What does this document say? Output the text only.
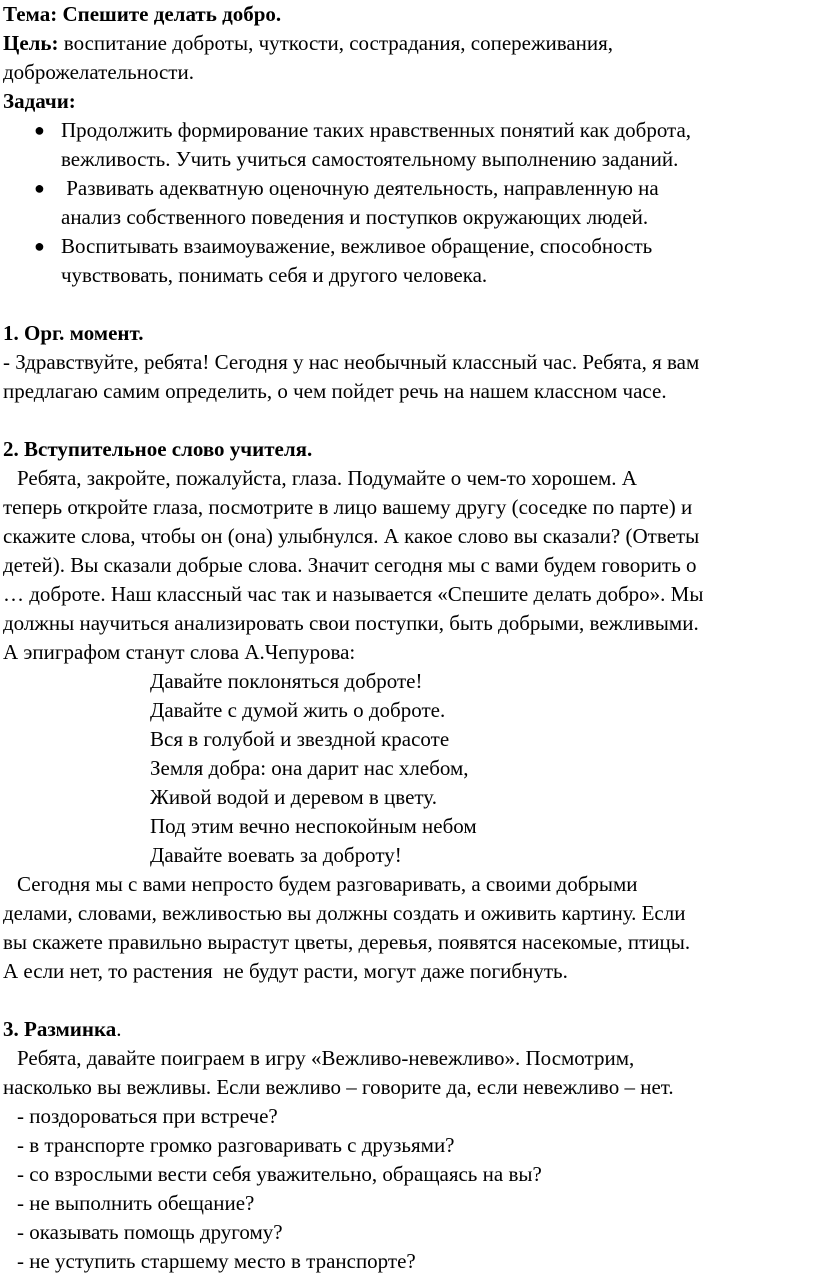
Тема: Спешите делать добро.
Цель: воспитание доброты, чуткости, сострадания, сопереживания,
доброжелательности.
Задачи:
● Продолжить формирование таких нравственных понятий как доброта,
вежливость. Учить учиться самостоятельному выполнению заданий.
● Развивать адекватную оценочную деятельность, направленную на
анализ собственного поведения и поступков окружающих людей.
● Воспитывать взаимоуважение, вежливое обращение, способность
чувствовать, понимать себя и другого человека.
1. Орг. момент.
- Здравствуйте, ребята! Сегодня у нас необычный классный час. Ребята, я вам
предлагаю самим определить, о чем пойдет речь на нашем классном часе.
2. Вступительное слово учителя.
Ребята, закройте, пожалуйста, глаза. Подумайте о чем-то хорошем. А
теперь откройте глаза, посмотрите в лицо вашему другу (соседке по парте) и
скажите слова, чтобы он (она) улыбнулся. А какое слово вы сказали? (Ответы
детей). Вы сказали добрые слова. Значит сегодня мы с вами будем говорить о
… доброте. Наш классный час так и называется «Спешите делать добро». Мы
должны научиться анализировать свои поступки, быть добрыми, вежливыми.
А эпиграфом станут слова А.Чепурова:
Давайте поклоняться доброте!
Давайте с думой жить о доброте.
Вся в голубой и звездной красоте
Земля добра: она дарит нас хлебом,
Живой водой и деревом в цвету.
Под этим вечно неспокойным небом
Давайте воевать за доброту!
Сегодня мы с вами непросто будем разговаривать, а своими добрыми
делами, словами, вежливостью вы должны создать и оживить картину. Если
вы скажете правильно вырастут цветы, деревья, появятся насекомые, птицы.
А если нет, то растения  не будут расти, могут даже погибнуть.
3. Разминка.
Ребята, давайте поиграем в игру «Вежливо-невежливо». Посмотрим,
насколько вы вежливы. Если вежливо – говорите да, если невежливо – нет.
- поздороваться при встрече?
- в транспорте громко разговаривать с друзьями?
- со взрослыми вести себя уважительно, обращаясь на вы?
- не выполнить обещание?
- оказывать помощь другому?
- не уступить старшему место в транспорте?
